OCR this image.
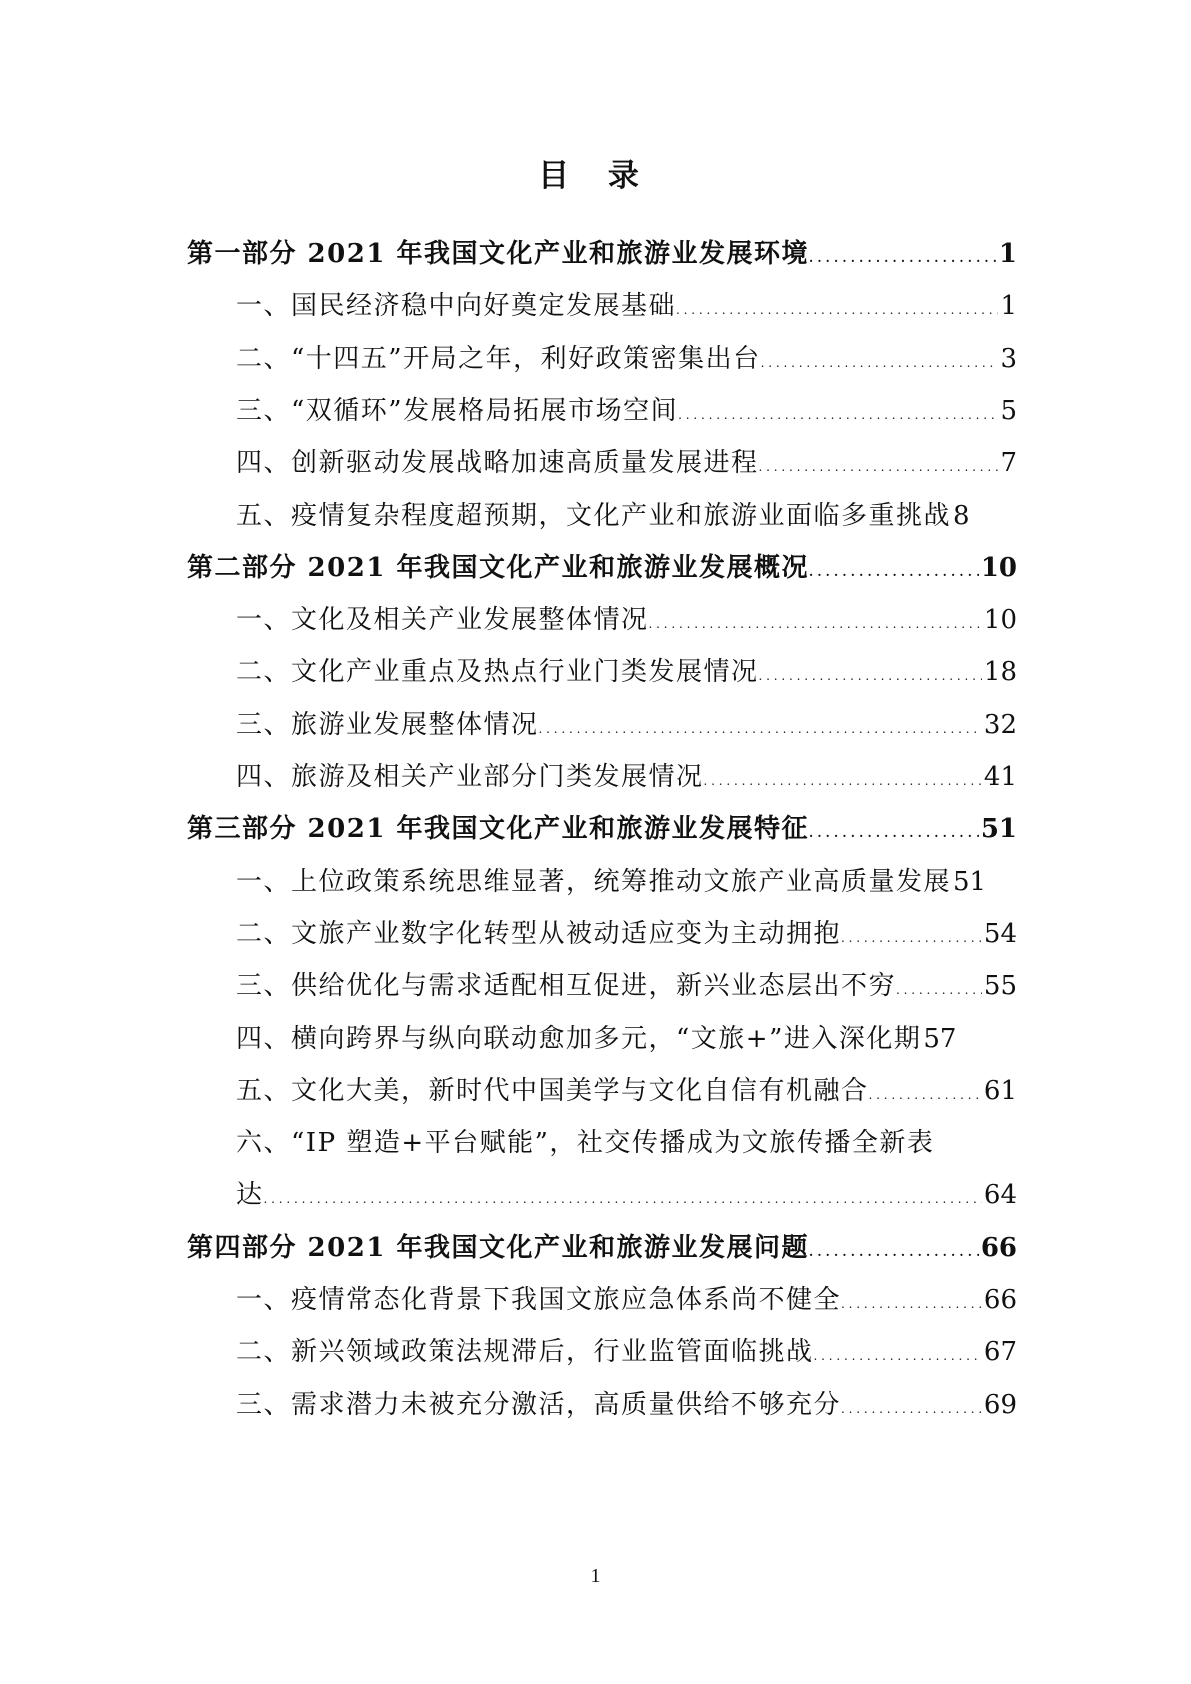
目 录
第一部分 2021 年我国文化产业和旅游业发展环境 . . .	1
一、国民经济稳中向好奠定发展基础 . . .	1
二、“十四五”开局之年，利好政策密集出台 . . .	3
三、“双循环”发展格局拓展市场空间 . . .	5
四、创新驱动发展战略加速高质量发展进程 . . .	7
五、疫情复杂程度超预期，文化产业和旅游业面临多重挑战 8
第二部分 2021 年我国文化产业和旅游业发展概况 . . .	10
一、文化及相关产业发展整体情况 . . .	10
二、文化产业重点及热点行业门类发展情况 . . .	18
三、旅游业发展整体情况 . . .	32
四、旅游及相关产业部分门类发展情况 . . .	41
第三部分 2021 年我国文化产业和旅游业发展特征 . . .	51
一、上位政策系统思维显著，统筹推动文旅产业高质量发展 51
二、文旅产业数字化转型从被动适应变为主动拥抱 . . .	54
三、供给优化与需求适配相互促进，新兴业态层出不穷 . . .	55
四、横向跨界与纵向联动愈加多元，“文旅+”进入深化期 57
五、文化大美，新时代中国美学与文化自信有机融合 . . .	61
六、“IP 塑造+平台赋能”，社交传播成为文旅传播全新表
达 . . .	64
第四部分 2021 年我国文化产业和旅游业发展问题 . . .	66
一、疫情常态化背景下我国文旅应急体系尚不健全 . . .	66
二、新兴领域政策法规滞后，行业监管面临挑战 . . .	67
三、需求潜力未被充分激活，高质量供给不够充分 . . .	69
1
